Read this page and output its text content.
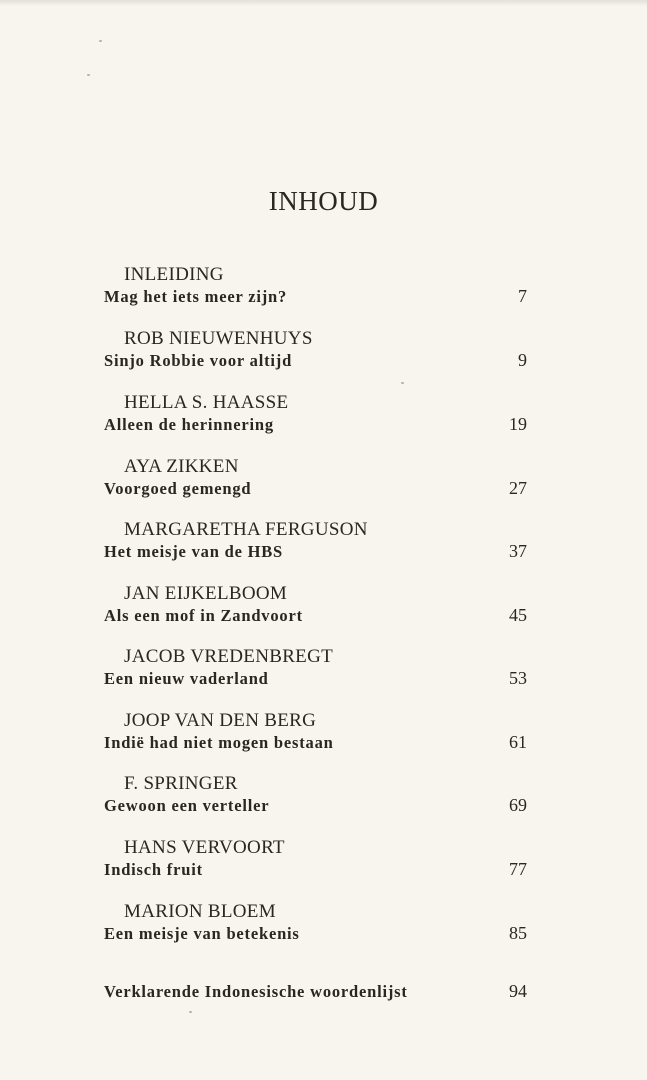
INHOUD
INLEIDING
Mag het iets meer zijn?	7
ROB NIEUWENHUYS
Sinjo Robbie voor altijd	9
HELLA S. HAASSE
Alleen de herinnering	19
AYA ZIKKEN
Voorgoed gemengd	27
MARGARETHA FERGUSON
Het meisje van de HBS	37
JAN EIJKELBOOM
Als een mof in Zandvoort	45
JACOB VREDENBREGT
Een nieuw vaderland	53
JOOP VAN DEN BERG
Indië had niet mogen bestaan	61
F. SPRINGER
Gewoon een verteller	69
HANS VERVOORT
Indisch fruit	77
MARION BLOEM
Een meisje van betekenis	85
Verklarende Indonesische woordenlijst	94
